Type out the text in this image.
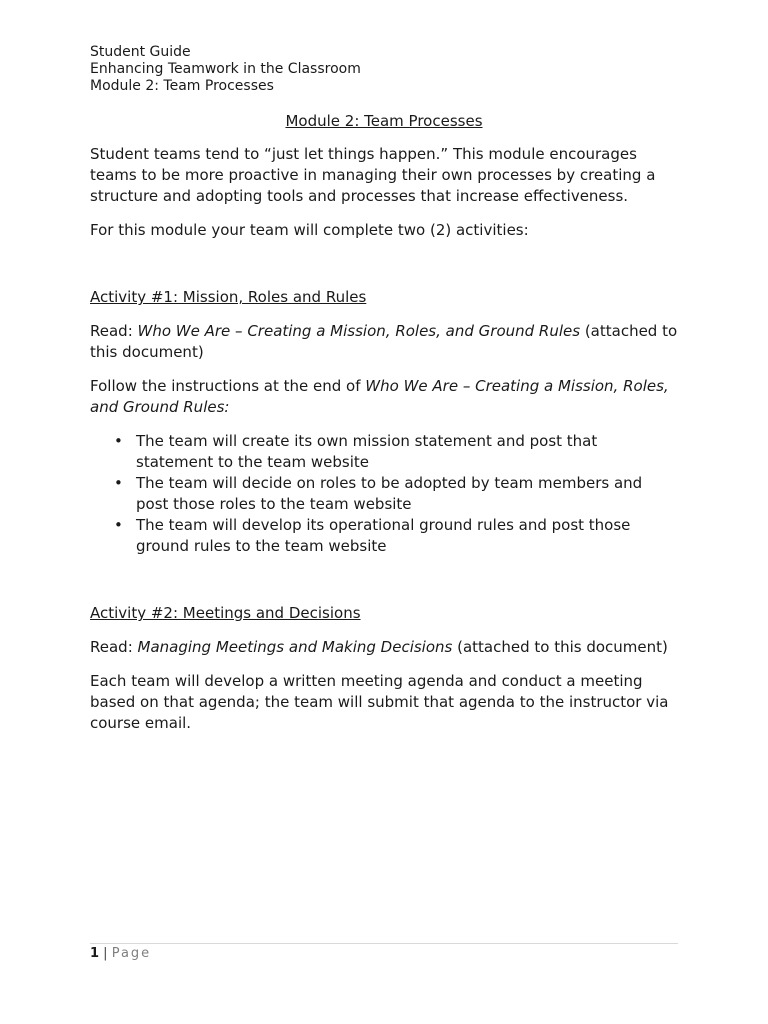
Student Guide

Enhancing Teamwork in the Classroom

Module 2: Team Processes

Module 2: Team Processes

Student teams tend to “just let things happen.” This module encourages teams to be more proactive in managing their own processes by creating a structure and adopting tools and processes that increase effectiveness.

For this module your team will complete two (2) activities:

Activity #1: Mission, Roles and Rules

Read: Who We Are – Creating a Mission, Roles, and Ground Rules (attached to this document)

Follow the instructions at the end of Who We Are – Creating a Mission, Roles, and Ground Rules:

• The team will create its own mission statement and post that statement to the team website
• The team will decide on roles to be adopted by team members and post those roles to the team website
• The team will develop its operational ground rules and post those ground rules to the team website

Activity #2: Meetings and Decisions

Read: Managing Meetings and Making Decisions (attached to this document)

Each team will develop a written meeting agenda and conduct a meeting based on that agenda; the team will submit that agenda to the instructor via course email.

1 | Page
